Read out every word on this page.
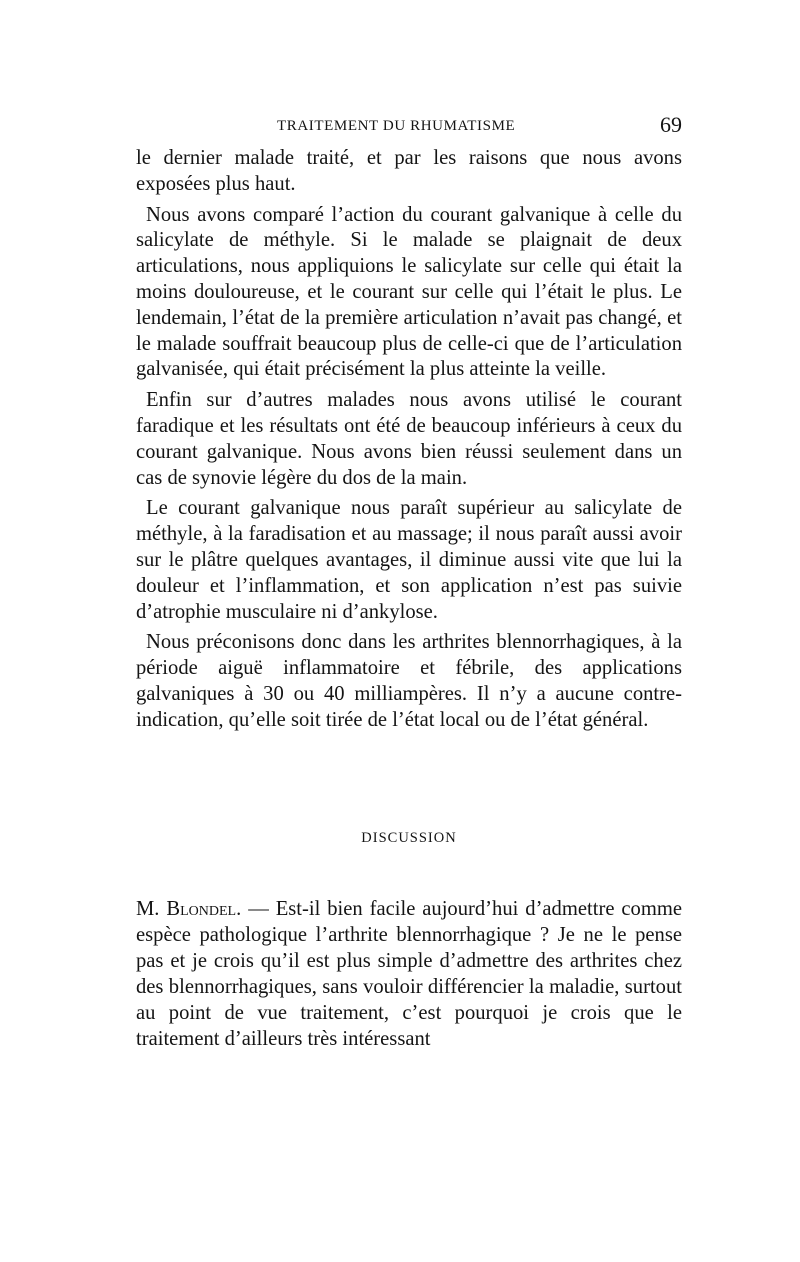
TRAITEMENT DU RHUMATISME	69

le dernier malade traité, et par les raisons que nous avons exposées plus haut.

Nous avons comparé l’action du courant galvanique à celle du salicylate de méthyle. Si le malade se plaignait de deux articulations, nous appliquions le salicylate sur celle qui était la moins douloureuse, et le courant sur celle qui l’était le plus. Le lendemain, l’état de la première articulation n’avait pas changé, et le malade souffrait beaucoup plus de celle-ci que de l’articulation galvanisée, qui était précisément la plus atteinte la veille.

Enfin sur d’autres malades nous avons utilisé le courant faradique et les résultats ont été de beaucoup inférieurs à ceux du courant galvanique. Nous avons bien réussi seulement dans un cas de synovie légère du dos de la main.

Le courant galvanique nous paraît supérieur au salicylate de méthyle, à la faradisation et au massage; il nous paraît aussi avoir sur le plâtre quelques avantages, il diminue aussi vite que lui la douleur et l’inflammation, et son application n’est pas suivie d’atrophie musculaire ni d’ankylose.

Nous préconisons donc dans les arthrites blennorrhagiques, à la période aiguë inflammatoire et fébrile, des applications galvaniques à 30 ou 40 milliampères. Il n’y a aucune contre-indication, qu’elle soit tirée de l’état local ou de l’état général.

DISCUSSION

M. Blondel. — Est-il bien facile aujourd’hui d’admettre comme espèce pathologique l’arthrite blennorrhagique ? Je ne le pense pas et je crois qu’il est plus simple d’admettre des arthrites chez des blennorrhagiques, sans vouloir différencier la maladie, surtout au point de vue traitement, c’est pourquoi je crois que le traitement d’ailleurs très intéressant
